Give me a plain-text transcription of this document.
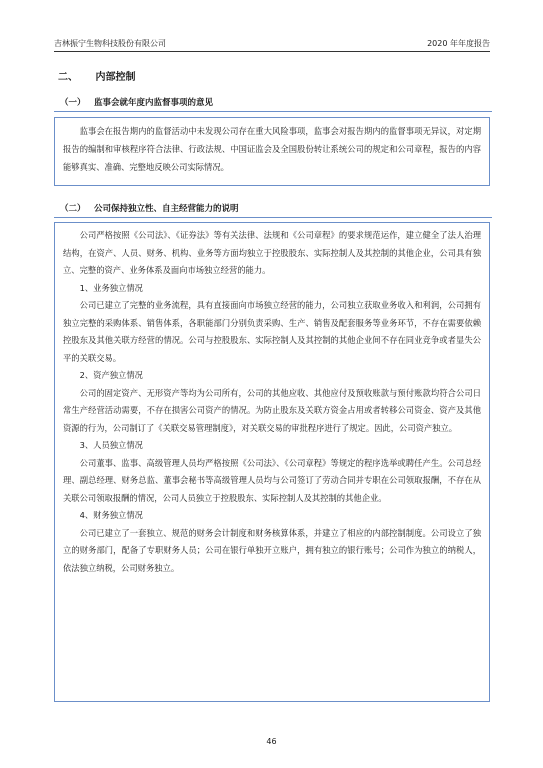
吉林振宁生物科技股份有限公司	2020 年年度报告
二、 内部控制
（一） 监事会就年度内监督事项的意见

监事会在报告期内的监督活动中未发现公司存在重大风险事项，监事会对报告期内的监督事项无异议，对定期报告的编制和审核程序符合法律、行政法规、中国证监会及全国股份转让系统公司的规定和公司章程，报告的内容能够真实、准确、完整地反映公司实际情况。

（二） 公司保持独立性、自主经营能力的说明

公司严格按照《公司法》、《证券法》等有关法律、法规和《公司章程》的要求规范运作，建立健全了法人治理结构，在资产、人员、财务、机构、业务等方面均独立于控股股东、实际控制人及其控制的其他企业，公司具有独立、完整的资产、业务体系及面向市场独立经营的能力。

1、业务独立情况

公司已建立了完整的业务流程，具有直接面向市场独立经营的能力，公司独立获取业务收入和利润，公司拥有独立完整的采购体系、销售体系，各职能部门分别负责采购、生产、销售及配套服务等业务环节，不存在需要依赖控股东及其他关联方经营的情况。公司与控股股东、实际控制人及其控制的其他企业间不存在同业竞争或者显失公平的关联交易。

2、资产独立情况

公司的固定资产、无形资产等均为公司所有，公司的其他应收、其他应付及预收账款与预付账款均符合公司日常生产经营活动需要，不存在损害公司资产的情况。为防止股东及关联方资金占用或者转移公司资金、资产及其他资源的行为，公司制订了《关联交易管理制度》，对关联交易的审批程序进行了规定。因此，公司资产独立。

3、人员独立情况

公司董事、监事、高级管理人员均严格按照《公司法》、《公司章程》等规定的程序选举或聘任产生。公司总经理、副总经理、财务总监、董事会秘书等高级管理人员均与公司签订了劳动合同并专职在公司领取报酬，不存在从关联公司领取报酬的情况，公司人员独立于控股股东、实际控制人及其控制的其他企业。

4、财务独立情况

公司已建立了一套独立、规范的财务会计制度和财务核算体系，并建立了相应的内部控制制度。公司设立了独立的财务部门，配备了专职财务人员；公司在银行单独开立账户，拥有独立的银行账号；公司作为独立的纳税人，依法独立纳税，公司财务独立。

46
